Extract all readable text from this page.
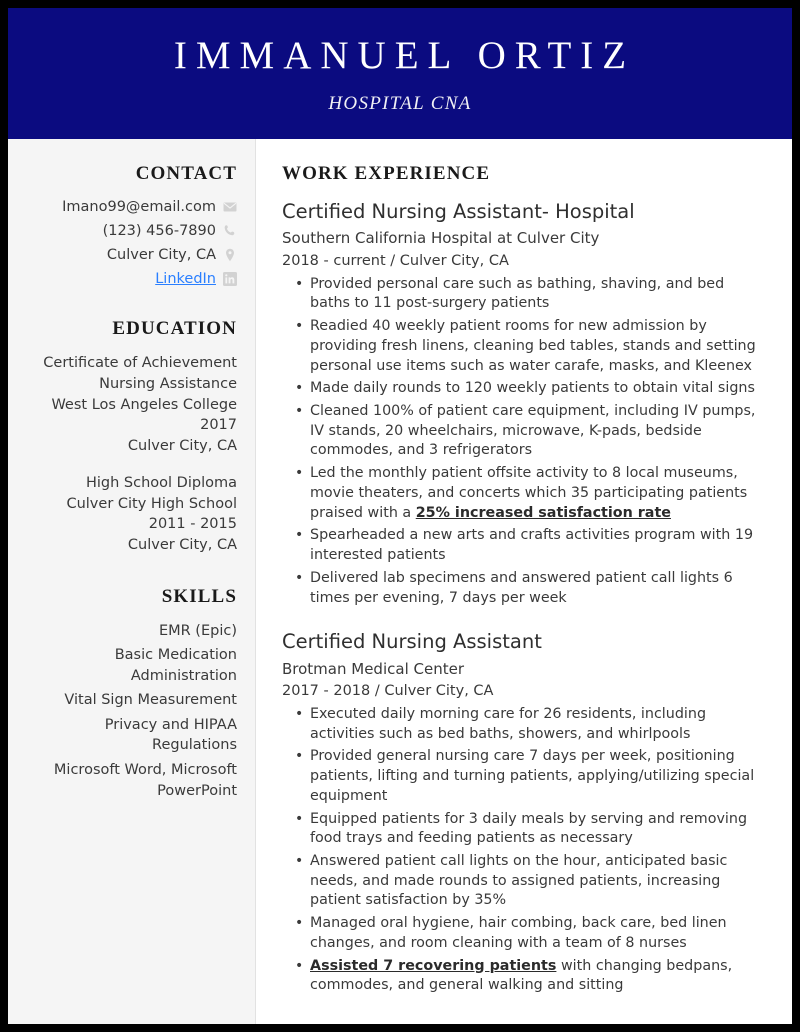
IMMANUEL ORTIZ
HOSPITAL CNA
CONTACT
Imano99@email.com
(123) 456-7890
Culver City, CA
LinkedIn
EDUCATION
Certificate of Achievement
Nursing Assistance
West Los Angeles College
2017
Culver City, CA
High School Diploma
Culver City High School
2011 - 2015
Culver City, CA
SKILLS
EMR (Epic)
Basic Medication Administration
Vital Sign Measurement
Privacy and HIPAA Regulations
Microsoft Word, Microsoft PowerPoint
WORK EXPERIENCE
Certified Nursing Assistant- Hospital
Southern California Hospital at Culver City
2018 - current / Culver City, CA
• Provided personal care such as bathing, shaving, and bed baths to 11 post-surgery patients
• Readied 40 weekly patient rooms for new admission by providing fresh linens, cleaning bed tables, stands and setting personal use items such as water carafe, masks, and Kleenex
• Made daily rounds to 120 weekly patients to obtain vital signs
• Cleaned 100% of patient care equipment, including IV pumps, IV stands, 20 wheelchairs, microwave, K-pads, bedside commodes, and 3 refrigerators
• Led the monthly patient offsite activity to 8 local museums, movie theaters, and concerts which 35 participating patients praised with a 25% increased satisfaction rate
• Spearheaded a new arts and crafts activities program with 19 interested patients
• Delivered lab specimens and answered patient call lights 6 times per evening, 7 days per week
Certified Nursing Assistant
Brotman Medical Center
2017 - 2018 / Culver City, CA
• Executed daily morning care for 26 residents, including activities such as bed baths, showers, and whirlpools
• Provided general nursing care 7 days per week, positioning patients, lifting and turning patients, applying/utilizing special equipment
• Equipped patients for 3 daily meals by serving and removing food trays and feeding patients as necessary
• Answered patient call lights on the hour, anticipated basic needs, and made rounds to assigned patients, increasing patient satisfaction by 35%
• Managed oral hygiene, hair combing, back care, bed linen changes, and room cleaning with a team of 8 nurses
• Assisted 7 recovering patients with changing bedpans, commodes, and general walking and sitting
